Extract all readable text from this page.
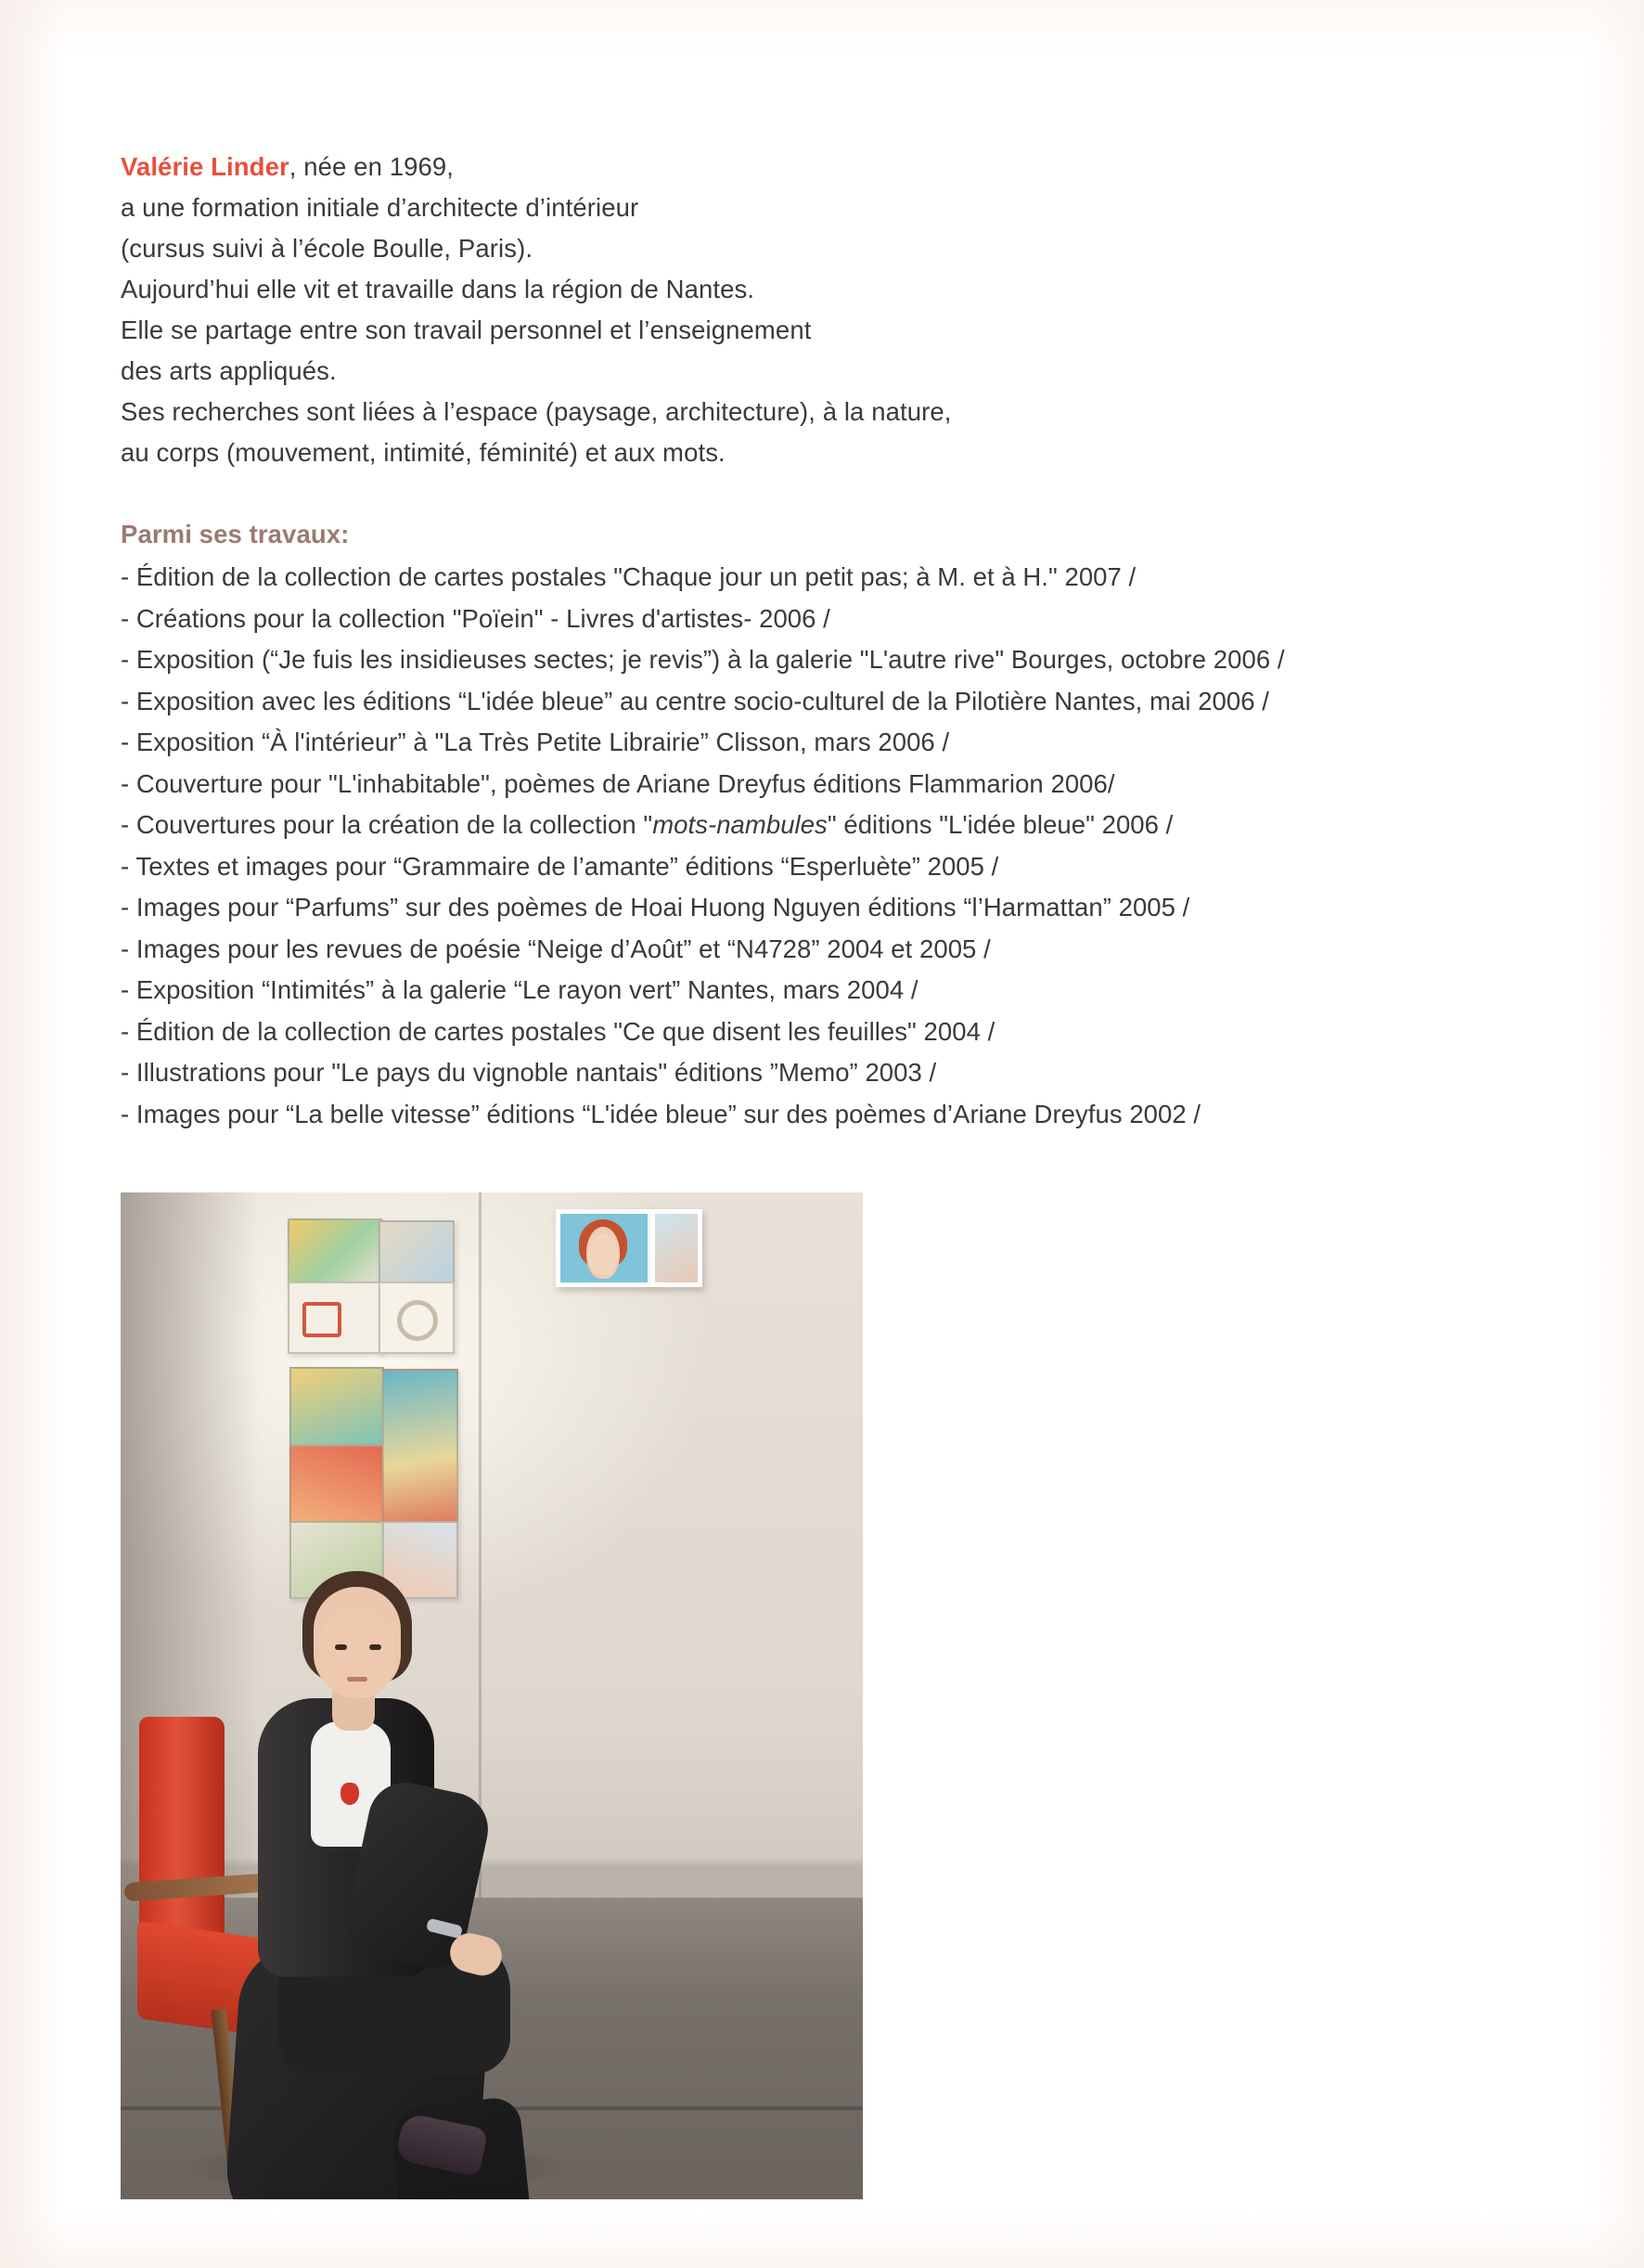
Valérie Linder, née en 1969,
a une formation initiale d’architecte d’intérieur
(cursus suivi à l’école Boulle, Paris).
Aujourd’hui elle vit et travaille dans la région de Nantes.
Elle se partage entre son travail personnel et l’enseignement
des arts appliqués.
Ses recherches sont liées à l’espace (paysage, architecture), à la nature,
au corps (mouvement, intimité, féminité) et aux mots.
Parmi ses travaux:
- Édition de la collection de cartes postales "Chaque jour un petit pas; à M. et à H." 2007 /
- Créations pour la collection "Poïein" - Livres d'artistes- 2006 /
- Exposition (“Je fuis les insidieuses sectes; je revis”) à la galerie "L'autre rive" Bourges, octobre 2006 /
- Exposition avec les éditions “L'idée bleue” au centre socio-culturel de la Pilotière Nantes, mai 2006 /
- Exposition “À l'intérieur” à "La Très Petite Librairie” Clisson, mars 2006 /
- Couverture pour "L'inhabitable", poèmes de Ariane Dreyfus éditions Flammarion 2006/
- Couvertures pour la création de la collection "mots-nambules" éditions "L'idée bleue" 2006 /
- Textes et images pour “Grammaire de l’amante” éditions “Esperluète” 2005 /
- Images pour “Parfums” sur des poèmes de Hoai Huong Nguyen éditions “l’Harmattan” 2005 /
- Images pour les revues de poésie “Neige d’Août” et “N4728” 2004 et 2005 /
- Exposition “Intimités” à la galerie “Le rayon vert” Nantes, mars 2004 /
- Édition de la collection de cartes postales "Ce que disent les feuilles" 2004 /
- Illustrations pour "Le pays du vignoble nantais" éditions ”Memo” 2003 /
- Images pour “La belle vitesse” éditions “L'idée bleue” sur des poèmes d’Ariane Dreyfus 2002 /
